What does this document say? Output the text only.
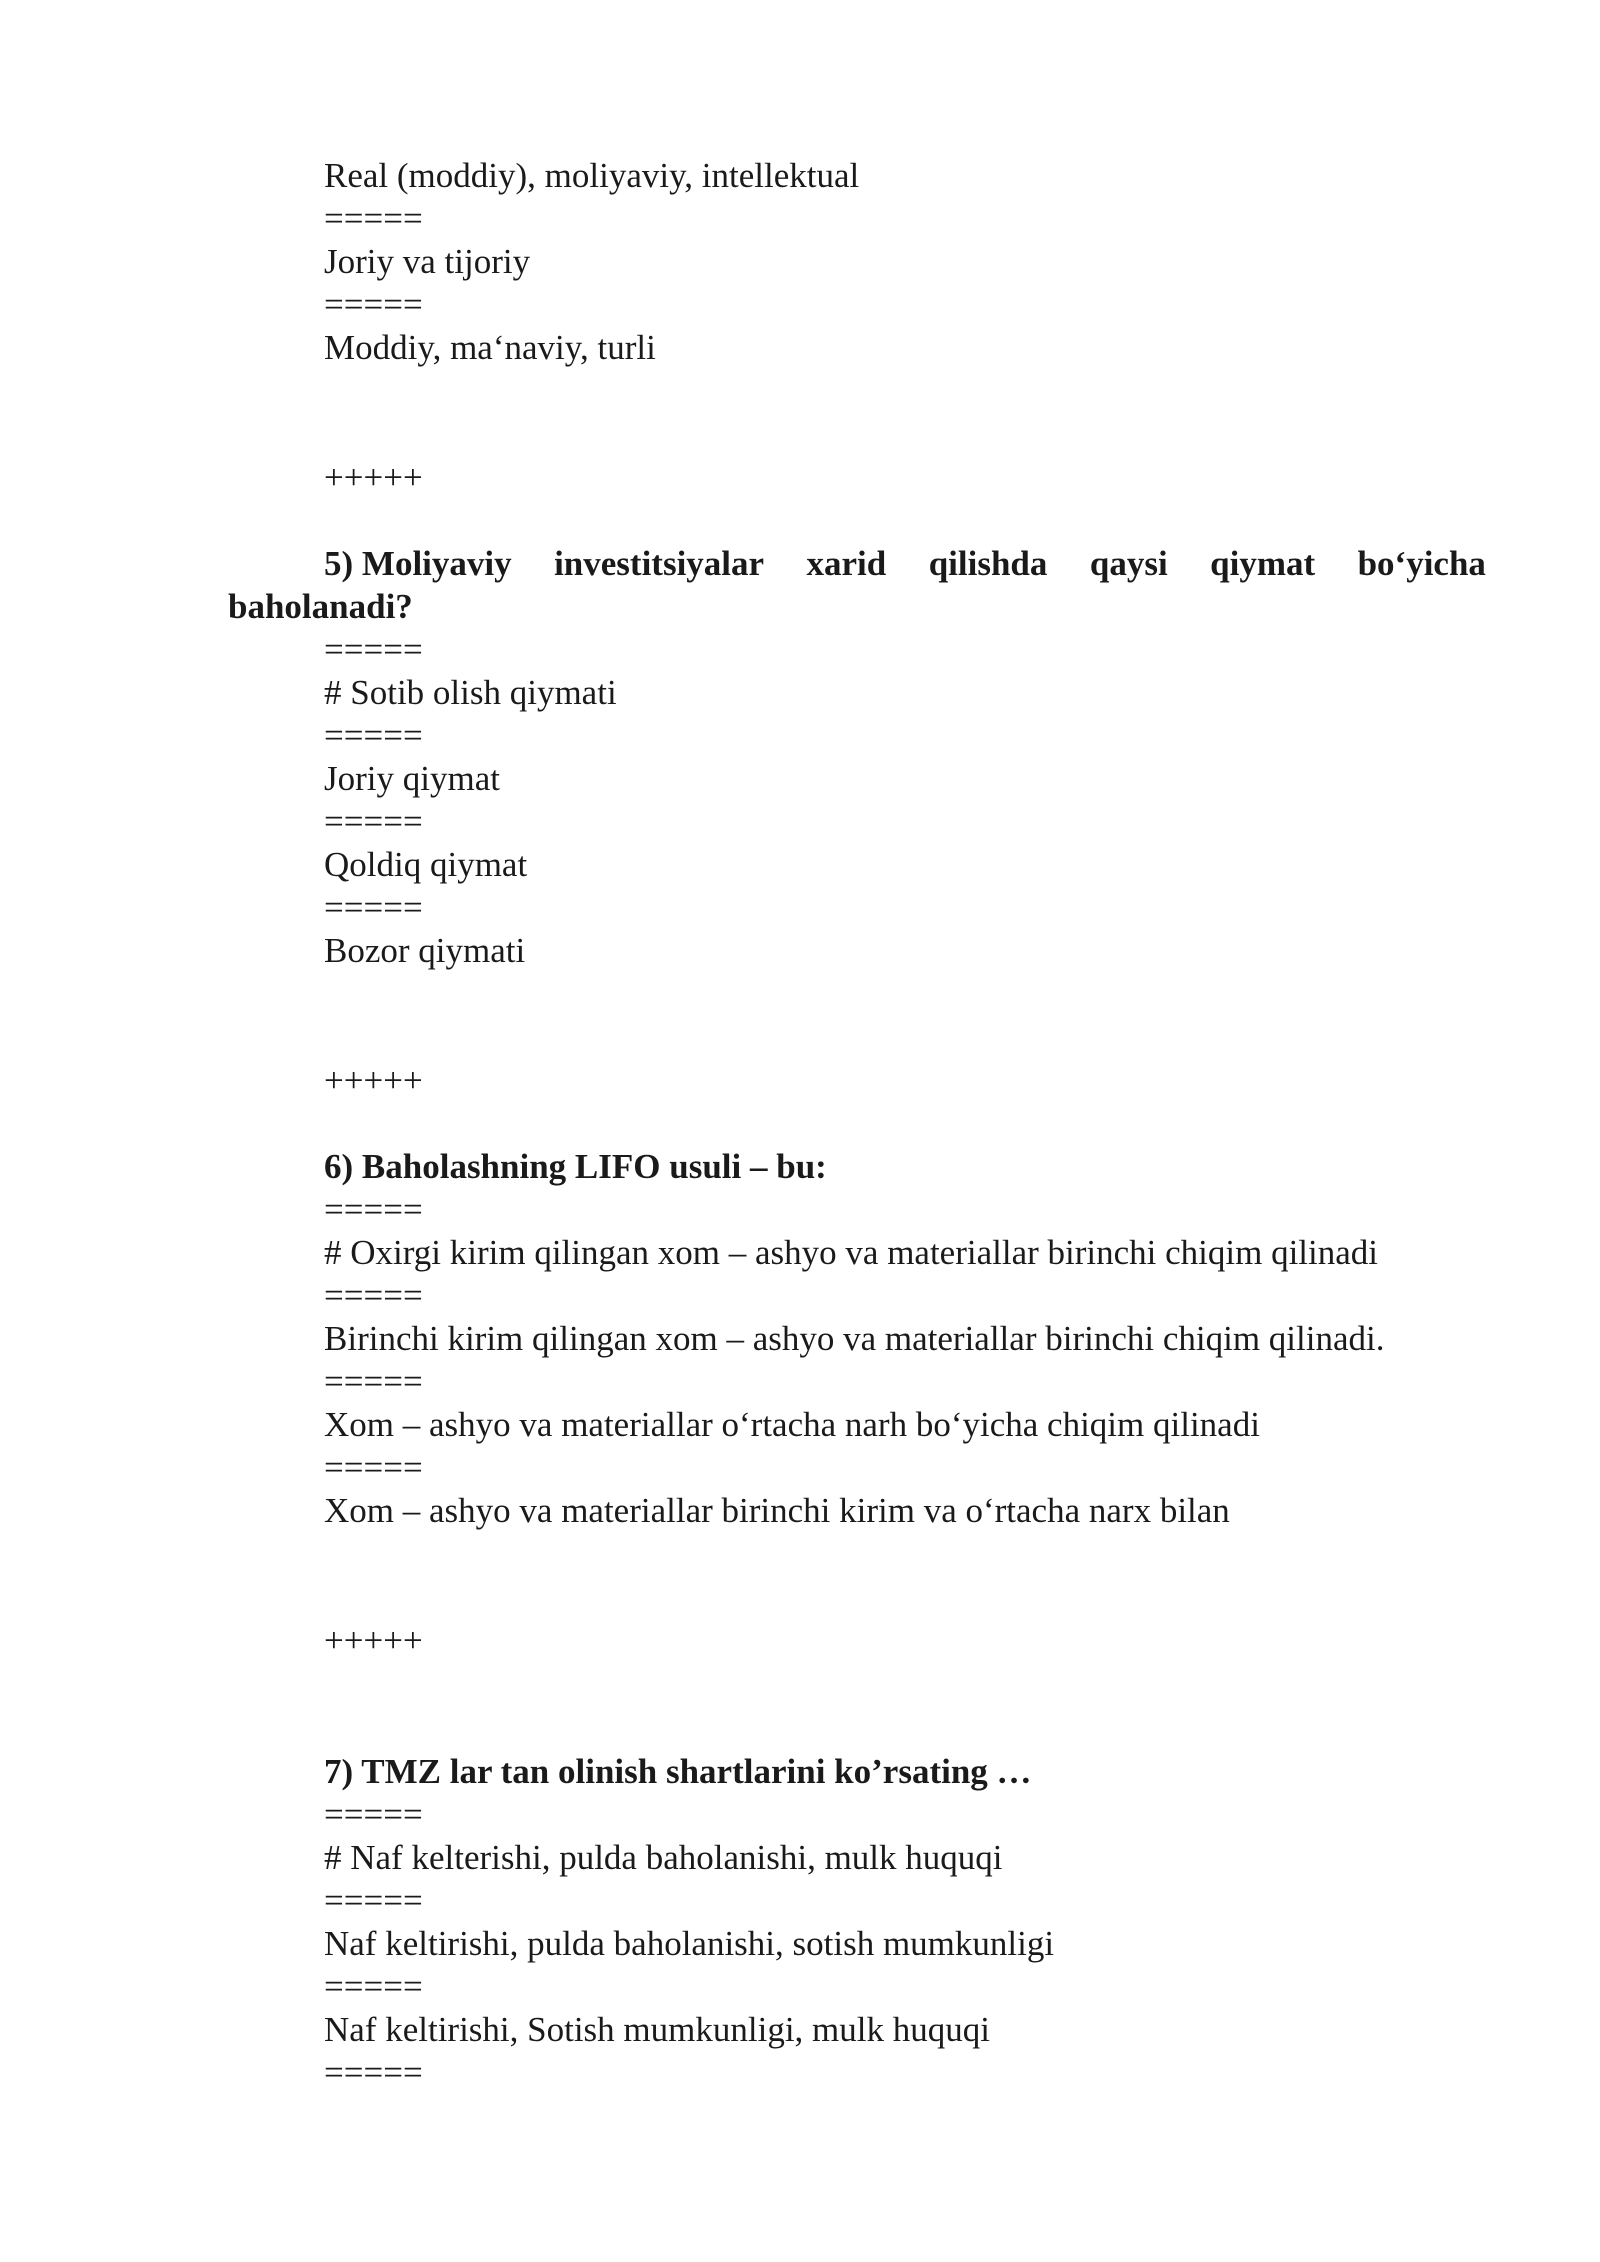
Real (moddiy), moliyaviy, intellektual
=====
Joriy va tijoriy
=====
Moddiy, ma‘naviy, turli
+++++
5) Moliyaviy investitsiyalar xarid qilishda qaysi qiymat bo‘yicha
baholanadi?
=====
# Sotib olish qiymati
=====
Joriy qiymat
=====
Qoldiq qiymat
=====
Bozor qiymati
+++++
6) Baholashning LIFO usuli – bu:
=====
# Oxirgi kirim qilingan xom – ashyo va materiallar birinchi chiqim qilinadi
=====
Birinchi kirim qilingan xom – ashyo va materiallar birinchi chiqim qilinadi.
=====
Xom – ashyo va materiallar o‘rtacha narh bo‘yicha chiqim qilinadi
=====
Xom – ashyo va materiallar birinchi kirim va o‘rtacha narx bilan
+++++
7) TMZ lar tan olinish shartlarini ko’rsating …
=====
# Naf kelterishi, pulda baholanishi, mulk huquqi
=====
Naf keltirishi, pulda baholanishi, sotish mumkunligi
=====
Naf keltirishi, Sotish mumkunligi, mulk huquqi
=====
